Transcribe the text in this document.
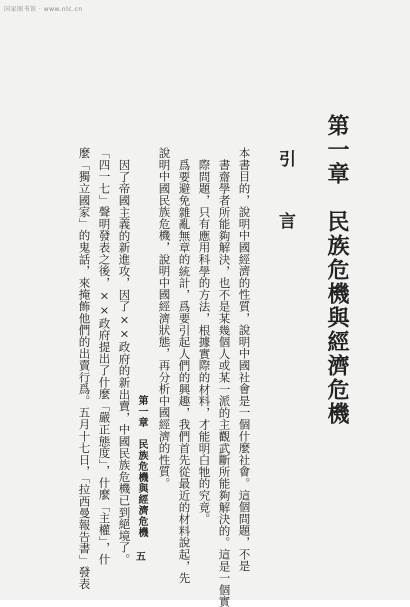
国家图书馆 · www.nlc.cn
第一章　民族危機與經濟危機
引　言
本書目的，說明中國經濟的性質，說明中國社會是一個什麼社會。這個問題，不是
書齋學者所能夠解決，也不是某幾個人或某一派的主觀武斷所能夠解決的。這是一個實
際問題，只有應用科學的方法，根據實際的材料，才能明白牠的究竟。
爲要避免雜亂無章的統計，爲要引起人們的興趣，我們首先從最近的材料說起，先
說明中國民族危機，說明中國經濟狀態，再分析中國經濟的性質。
因了帝國主義的新進攻，因了××政府的新出賣，中國民族危機已到絕境了。
「四一七」聲明發表之後，××政府提出了什麼「嚴正態度」，什麼「主權」，什
麼「獨立國家」的鬼話，來掩飾他們的出賣行爲。五月十七日，「拉西曼報告書」發表	第一章　民族危機與經濟危機
五
